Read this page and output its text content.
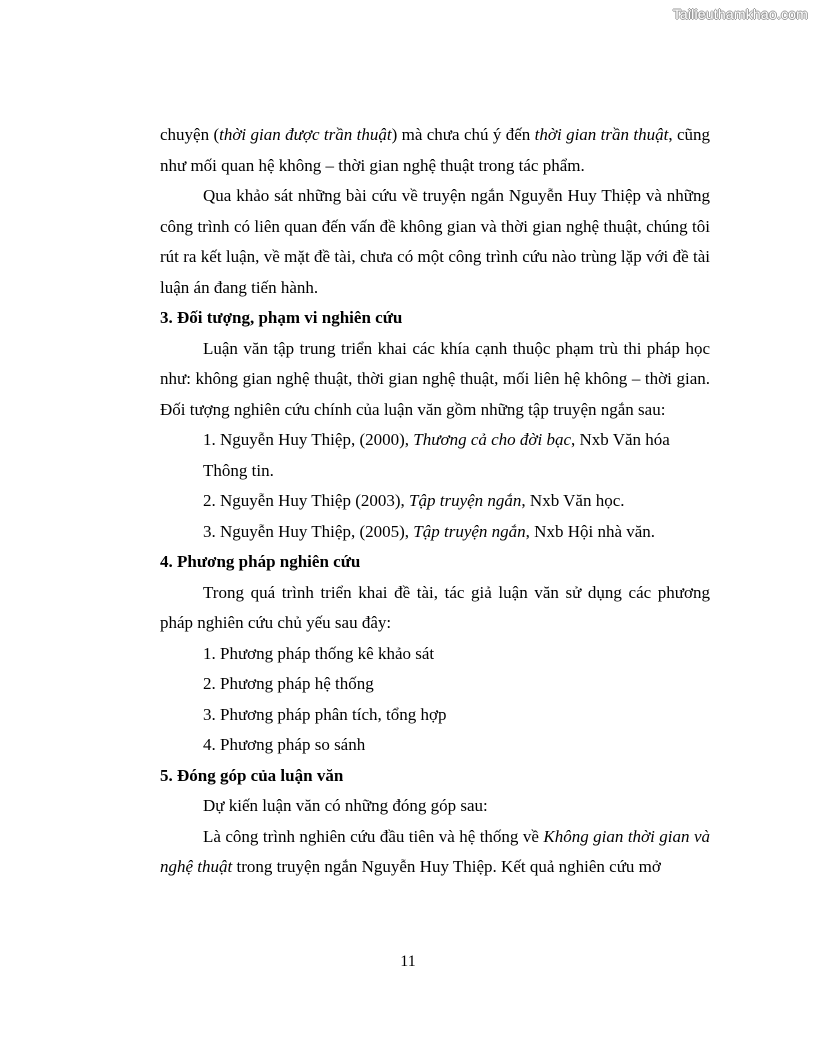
Tailieuthamkhao.com

chuyện (thời gian được trần thuật) mà chưa chú ý đến thời gian trần thuật, cũng như mối quan hệ không – thời gian nghệ thuật trong tác phẩm.

Qua khảo sát những bài cứu về truyện ngắn Nguyễn Huy Thiệp và những công trình có liên quan đến vấn đề không gian và thời gian nghệ thuật, chúng tôi rút ra kết luận, về mặt đề tài, chưa có một công trình cứu nào trùng lặp với đề tài luận án đang tiến hành.

3. Đối tượng, phạm vi nghiên cứu

Luận văn tập trung triển khai các khía cạnh thuộc phạm trù thi pháp học như: không gian nghệ thuật, thời gian nghệ thuật, mối liên hệ không – thời gian. Đối tượng nghiên cứu chính của luận văn gồm những tập truyện ngắn sau:

1. Nguyễn Huy Thiệp, (2000), Thương cả cho đời bạc, Nxb Văn hóa
Thông tin.

2. Nguyễn Huy Thiệp (2003), Tập truyện ngắn, Nxb Văn học.

3. Nguyễn Huy Thiệp, (2005), Tập truyện ngắn, Nxb Hội nhà văn.

4. Phương pháp nghiên cứu

Trong quá trình triển khai đề tài, tác giả luận văn sử dụng các phương pháp nghiên cứu chủ yếu sau đây:

1. Phương pháp thống kê khảo sát

2. Phương pháp hệ thống

3. Phương pháp phân tích, tổng hợp

4. Phương pháp so sánh

5. Đóng góp của luận văn

Dự kiến luận văn có những đóng góp sau:

Là công trình nghiên cứu đầu tiên và hệ thống về Không gian thời gian và nghệ thuật trong truyện ngắn Nguyễn Huy Thiệp. Kết quả nghiên cứu mở

11
